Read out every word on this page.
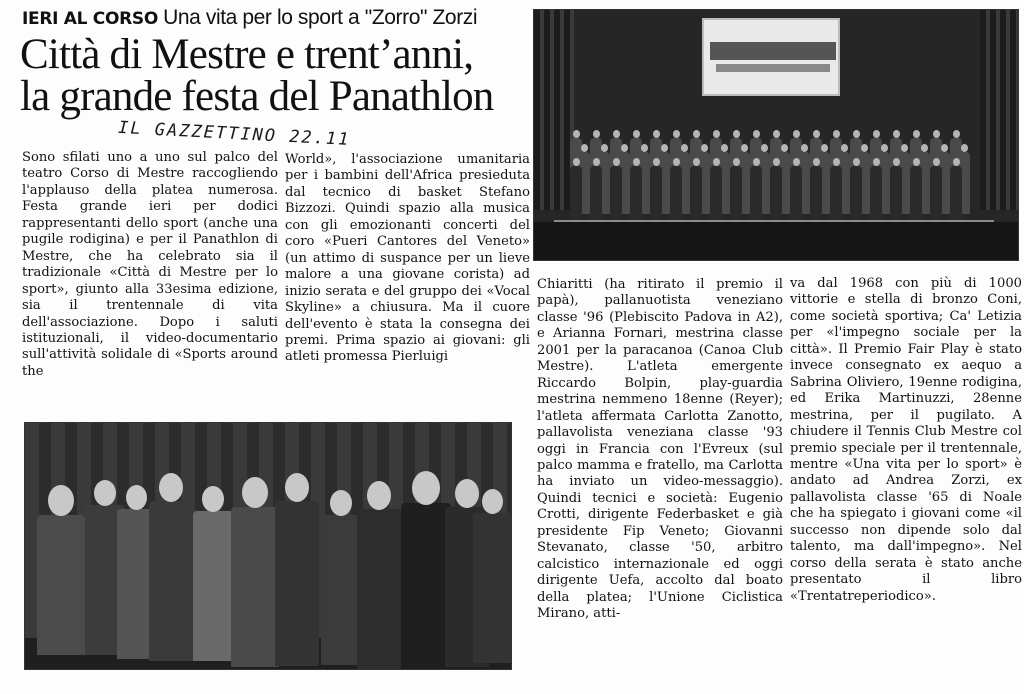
IERI AL CORSO Una vita per lo sport a "Zorro" Zorzi
Città di Mestre e trent’anni,
la grande festa del Panathlon
IL GAZZETTINO 22.11
Sono sfilati uno a uno sul palco del teatro Corso di Mestre raccogliendo l'applauso della platea numerosa. Festa grande ieri per dodici rappresentanti dello sport (anche una pugile rodigina) e per il Panathlon di Mestre, che ha celebrato sia il tradizionale «Città di Mestre per lo sport», giunto alla 33esima edizione, sia il trentennale di vita dell'associazione. Dopo i saluti istituzionali, il video-documentario sull'attività solidale di «Sports around the
World», l'associazione umanitaria per i bambini dell'Africa presieduta dal tecnico di basket Stefano Bizzozi. Quindi spazio alla musica con gli emozionanti concerti del coro «Pueri Cantores del Veneto» (un attimo di suspance per un lieve malore a una giovane corista) ad inizio serata e del gruppo dei «Vocal Skyline» a chiusura. Ma il cuore dell'evento è stata la consegna dei premi. Prima spazio ai giovani: gli atleti promessa Pierluigi
Chiaritti (ha ritirato il premio il papà), pallanuotista veneziano classe '96 (Plebiscito Padova in A2), e Arianna Fornari, mestrina classe 2001 per la paracanoa (Canoa Club Mestre). L'atleta emergente Riccardo Bolpin, play-guardia mestrina nemmeno 18enne (Reyer); l'atleta affermata Carlotta Zanotto, pallavolista veneziana classe '93 oggi in Francia con l'Evreux (sul palco mamma e fratello, ma Carlotta ha inviato un video-messaggio). Quindi tecnici e società: Eugenio Crotti, dirigente Federbasket e già presidente Fip Veneto; Giovanni Stevanato, classe '50, arbitro calcistico internazionale ed oggi dirigente Uefa, accolto dal boato della platea; l'Unione Ciclistica Mirano, atti-
va dal 1968 con più di 1000 vittorie e stella di bronzo Coni, come società sportiva; Ca' Letizia per «l'impegno sociale per la città». Il Premio Fair Play è stato invece consegnato ex aequo a Sabrina Oliviero, 19enne rodigina, ed Erika Martinuzzi, 28enne mestrina, per il pugilato. A chiudere il Tennis Club Mestre col premio speciale per il trentennale, mentre «Una vita per lo sport» è andato ad Andrea Zorzi, ex pallavolista classe '65 di Noale che ha spiegato i giovani come «il successo non dipende solo dal talento, ma dall'impegno». Nel corso della serata è stato anche presentato il libro «Trentatreperiodico».
